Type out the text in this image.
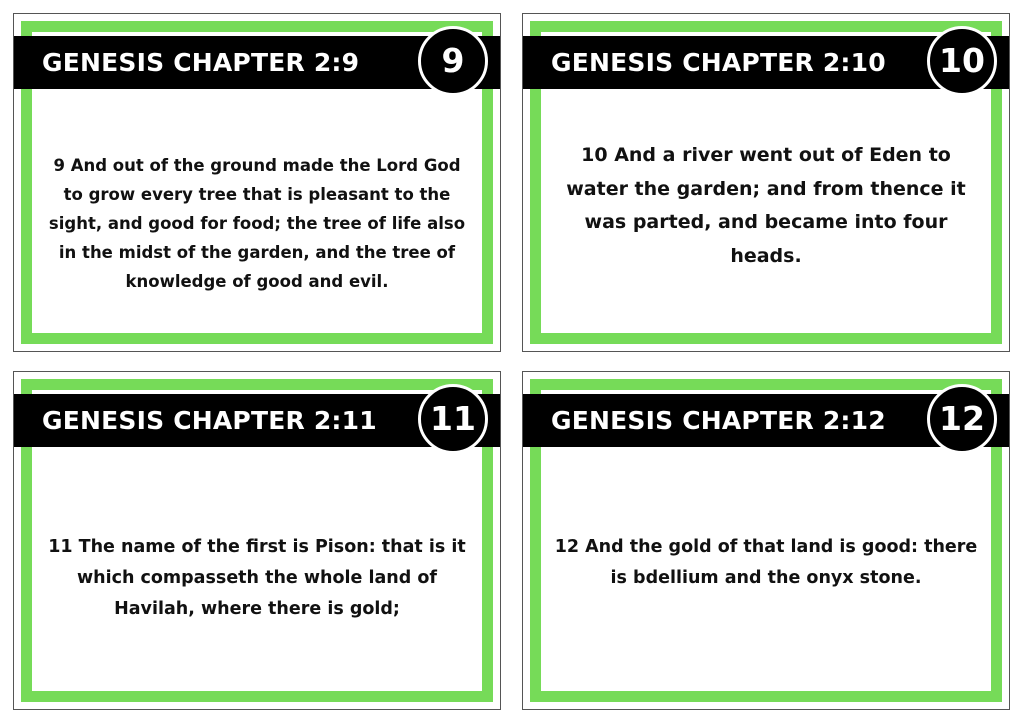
GENESIS CHAPTER 2:9	9
9 And out of the ground made the Lord God to grow every tree that is pleasant to the sight, and good for food; the tree of life also in the midst of the garden, and the tree of knowledge of good and evil.
GENESIS CHAPTER 2:10	10
10 And a river went out of Eden to water the garden; and from thence it was parted, and became into four heads.
GENESIS CHAPTER 2:11	11
11 The name of the first is Pison: that is it which compasseth the whole land of Havilah, where there is gold;
GENESIS CHAPTER 2:12	12
12 And the gold of that land is good: there is bdellium and the onyx stone.
